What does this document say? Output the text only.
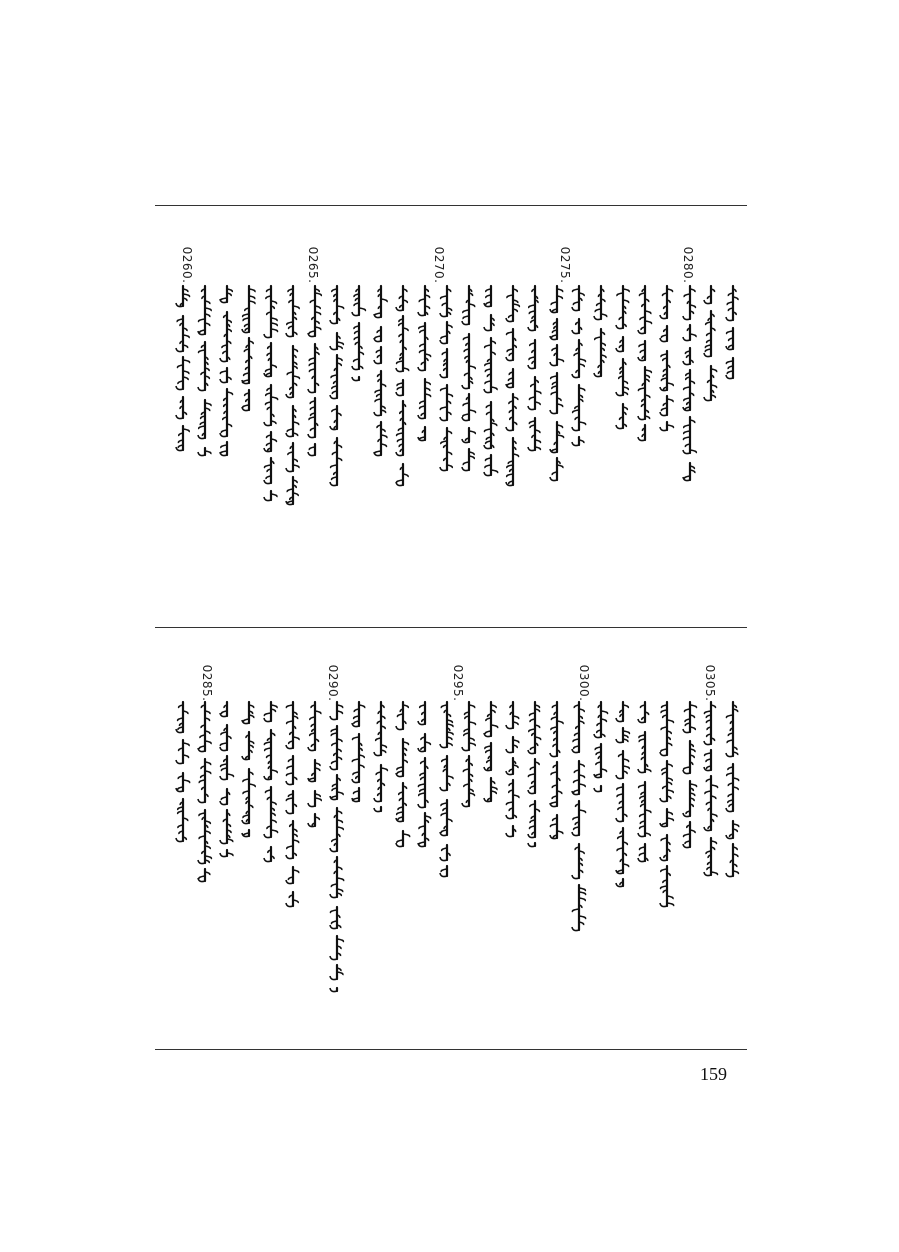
0280.
0275.
0270.
0265.
0260.
0305.
0300.
0295.
0290.
0285.
159
